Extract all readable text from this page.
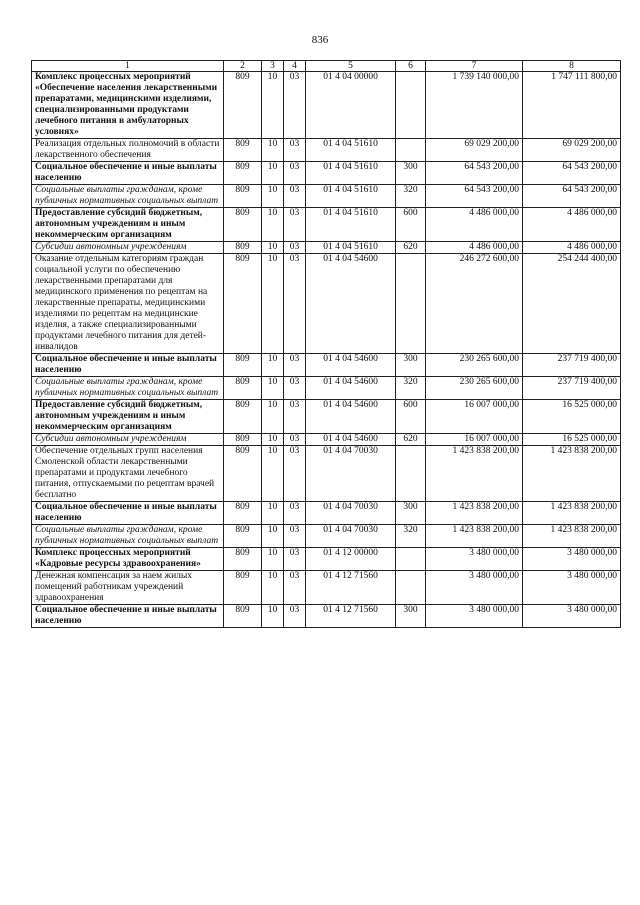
836
1	2	3	4	5	6	7	8
Комплекс процессных мероприятий «Обеспечение населения лекарственными препаратами, медицинскими изделиями, специализированными продуктами лечебного питания в амбулаторных условиях»	809	10	03	01 4 04 00000		1 739 140 000,00	1 747 111 800,00
Реализация отдельных полномочий в области лекарственного обеспечения	809	10	03	01 4 04 51610		69 029 200,00	69 029 200,00
Социальное обеспечение и иные выплаты населению	809	10	03	01 4 04 51610	300	64 543 200,00	64 543 200,00
Социальные выплаты гражданам, кроме публичных нормативных социальных выплат	809	10	03	01 4 04 51610	320	64 543 200,00	64 543 200,00
Предоставление субсидий бюджетным, автономным учреждениям и иным некоммерческим организациям	809	10	03	01 4 04 51610	600	4 486 000,00	4 486 000,00
Субсидии автономным учреждениям	809	10	03	01 4 04 51610	620	4 486 000,00	4 486 000,00
Оказание отдельным категориям граждан социальной услуги по обеспечению лекарственными препаратами для медицинского применения по рецептам на лекарственные препараты, медицинскими изделиями по рецептам на медицинские изделия, а также специализированными продуктами лечебного питания для детей-инвалидов	809	10	03	01 4 04 54600		246 272 600,00	254 244 400,00
Социальное обеспечение и иные выплаты населению	809	10	03	01 4 04 54600	300	230 265 600,00	237 719 400,00
Социальные выплаты гражданам, кроме публичных нормативных социальных выплат	809	10	03	01 4 04 54600	320	230 265 600,00	237 719 400,00
Предоставление субсидий бюджетным, автономным учреждениям и иным некоммерческим организациям	809	10	03	01 4 04 54600	600	16 007 000,00	16 525 000,00
Субсидии автономным учреждениям	809	10	03	01 4 04 54600	620	16 007 000,00	16 525 000,00
Обеспечение отдельных групп населения Смоленской области лекарственными препаратами и продуктами лечебного питания, отпускаемыми по рецептам врачей бесплатно	809	10	03	01 4 04 70030		1 423 838 200,00	1 423 838 200,00
Социальное обеспечение и иные выплаты населению	809	10	03	01 4 04 70030	300	1 423 838 200,00	1 423 838 200,00
Социальные выплаты гражданам, кроме публичных нормативных социальных выплат	809	10	03	01 4 04 70030	320	1 423 838 200,00	1 423 838 200,00
Комплекс процессных мероприятий «Кадровые ресурсы здравоохранения»	809	10	03	01 4 12 00000		3 480 000,00	3 480 000,00
Денежная компенсация за наем жилых помещений работникам учреждений здравоохранения	809	10	03	01 4 12 71560		3 480 000,00	3 480 000,00
Социальное обеспечение и иные выплаты населению	809	10	03	01 4 12 71560	300	3 480 000,00	3 480 000,00
